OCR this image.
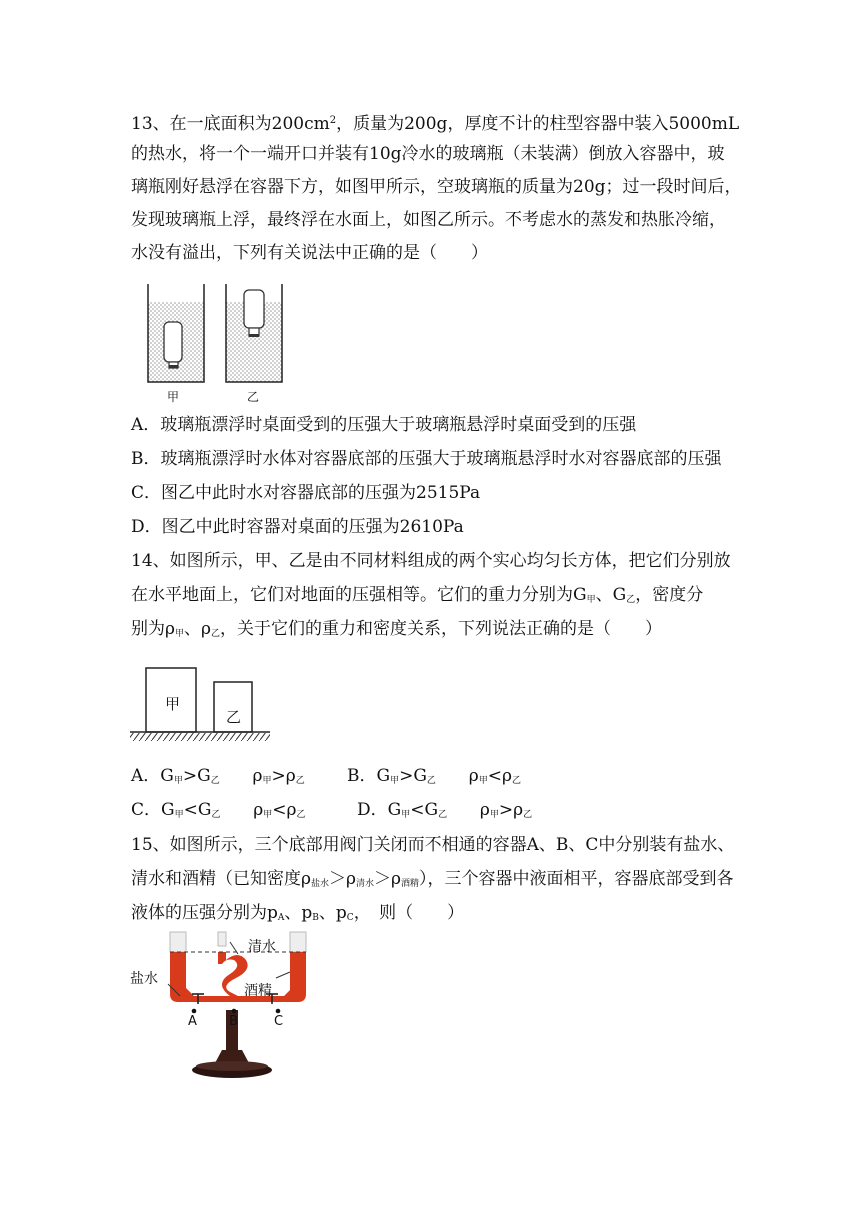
13、在一底面积为$200cm^2$，质量为200g，厚度不计的柱型容器中装入5000mL
的热水，将一个一端开口并装有10g冷水的玻璃瓶（未装满）倒放入容器中，玻
璃瓶刚好悬浮在容器下方，如图甲所示，空玻璃瓶的质量为20g；过一段时间后，
发现玻璃瓶上浮，最终浮在水面上，如图乙所示。不考虑水的蒸发和热胀冷缩，
水没有溢出，下列有关说法中正确的是（　　）
甲	乙
A．玻璃瓶漂浮时桌面受到的压强大于玻璃瓶悬浮时桌面受到的压强
B．玻璃瓶漂浮时水体对容器底部的压强大于玻璃瓶悬浮时水对容器底部的压强
C．图乙中此时水对容器底部的压强为2515Pa
D．图乙中此时容器对桌面的压强为2610Pa
14、如图所示，甲、乙是由不同材料组成的两个实心均匀长方体，把它们分别放
在水平地面上，它们对地面的压强相等。它们的重力分别为$G_甲$、$G_乙$，密度分
别为$\rho_甲$、$\rho_乙$，关于它们的重力和密度关系，下列说法正确的是（　　）
甲
乙
A．$G_甲>G_乙$ $\rho_甲>\rho_乙$ B．$G_甲>G_乙$ $\rho_甲<\rho_乙$
C．$G_甲<G_乙$ $\rho_甲<\rho_乙$	D．$G_甲<G_乙$ $\rho_甲>\rho_乙$
15、如图所示，三个底部用阀门关闭而不相通的容器A、B、C中分别装有盐水、
清水和酒精（已知密度$\rho_{盐水}>\rho_{清水}>\rho_{酒精}$），三个容器中液面相平，容器底部受到各
液体的压强分别为$p_A$、$p_B$、$p_C$，　则（　　）
清水
盐水
酒精
A B	C
